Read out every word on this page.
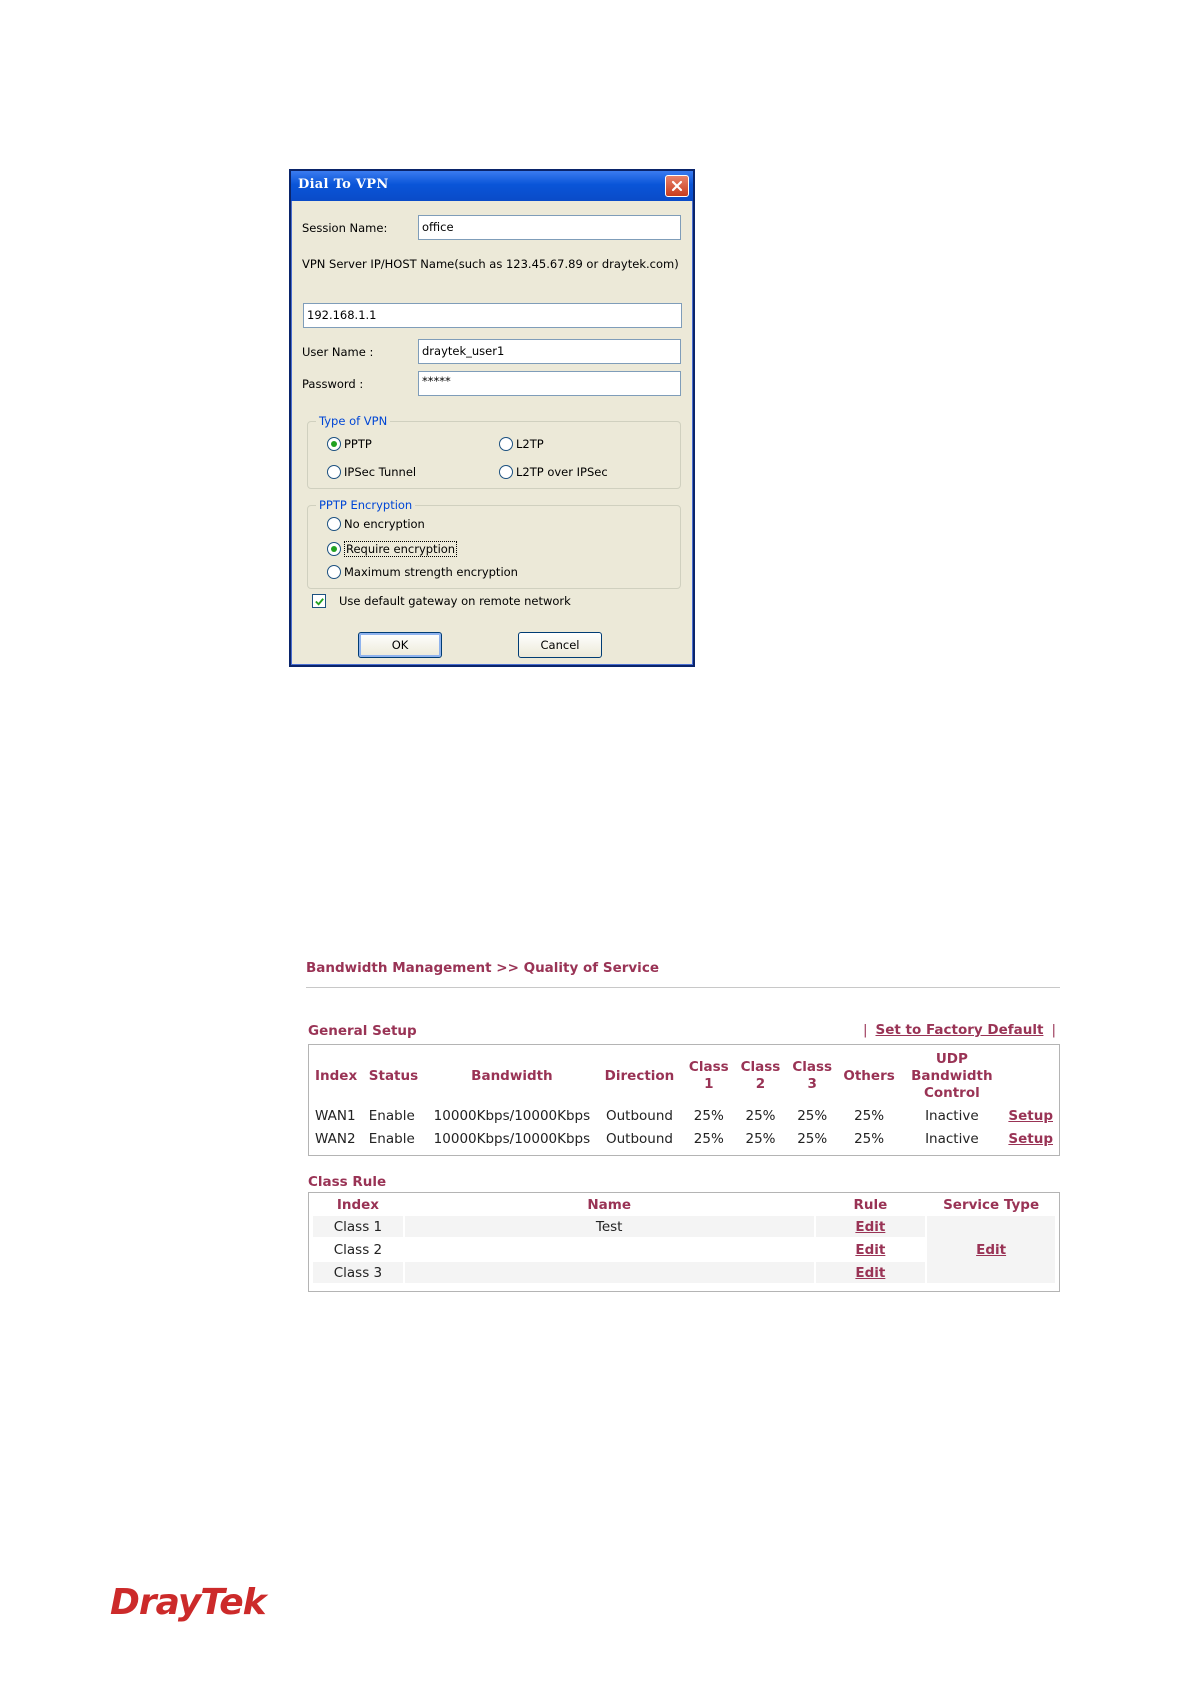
Dial To VPN
Session Name:	office
VPN Server IP/HOST Name(such as 123.45.67.89 or draytek.com)
192.168.1.1
User Name :	draytek_user1
Password :	*****
Type of VPN
PPTP	L2TP
IPSec Tunnel	L2TP over IPSec
PPTP Encryption
No encryption
Require encryption
Maximum strength encryption
Use default gateway on remote network
OK	Cancel
Bandwidth Management >> Quality of Service
General Setup	| Set to Factory Default |
Index	Status	Bandwidth	Direction	Class 1	Class 2	Class 3	Others	UDP Bandwidth Control	
WAN1	Enable	10000Kbps/10000Kbps	Outbound	25%	25%	25%	25%	Inactive	Setup
WAN2	Enable	10000Kbps/10000Kbps	Outbound	25%	25%	25%	25%	Inactive	Setup
Class Rule
Index	Name	Rule	Service Type
Class 1	Test	Edit	Edit
Class 2		Edit	
Class 3		Edit	
DrayTek
